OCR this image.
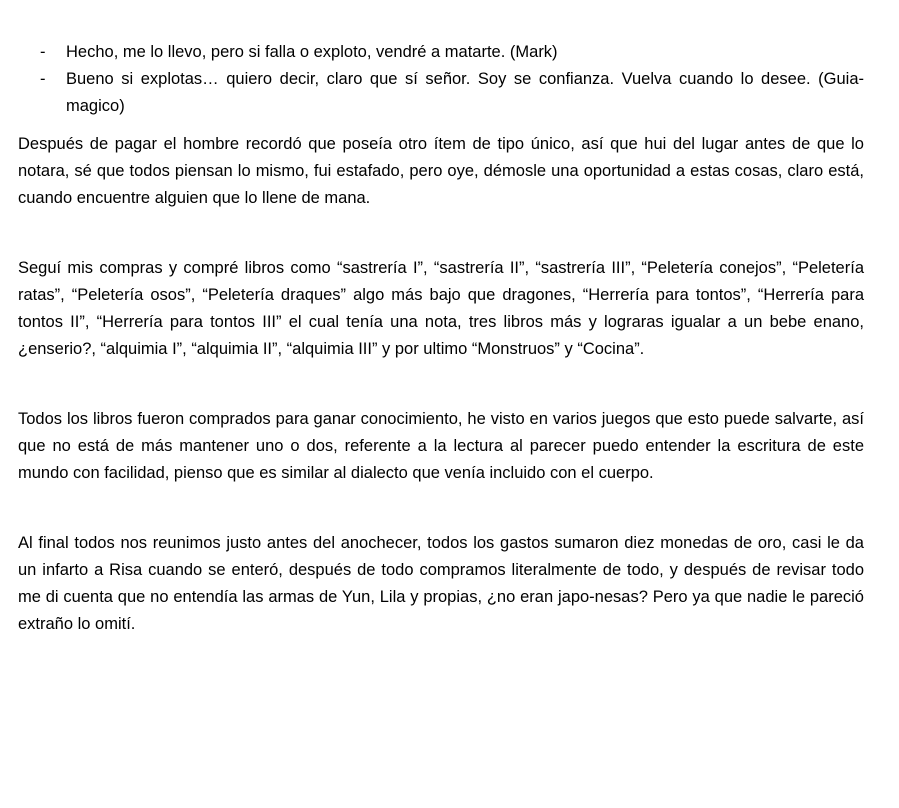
- Hecho, me lo llevo, pero si falla o exploto, vendré a matarte. (Mark)
- Bueno si explotas… quiero decir, claro que sí señor. Soy se confianza. Vuelva cuando lo desee. (Guia-magico)

Después de pagar el hombre recordó que poseía otro ítem de tipo único, así que hui del lugar antes de que lo notara, sé que todos piensan lo mismo, fui estafado, pero oye, démosle una oportunidad a estas cosas, claro está, cuando encuentre alguien que lo llene de mana.

Seguí mis compras y compré libros como “sastrería I”, “sastrería II”, “sastrería III”, “Peletería conejos”, “Peletería ratas”, “Peletería osos”, “Peletería draques” algo más bajo que dragones, “Herrería para tontos”, “Herrería para tontos II”, “Herrería para tontos III” el cual tenía una nota, tres libros más y lograras igualar a un bebe enano, ¿enserio?, “alquimia I”, “alquimia II”, “alquimia III” y por ultimo “Monstruos” y “Cocina”.

Todos los libros fueron comprados para ganar conocimiento, he visto en varios juegos que esto puede salvarte, así que no está de más mantener uno o dos, referente a la lectura al parecer puedo entender la escritura de este mundo con facilidad, pienso que es similar al dialecto que venía incluido con el cuerpo.

Al final todos nos reunimos justo antes del anochecer, todos los gastos sumaron diez monedas de oro, casi le da un infarto a Risa cuando se enteró, después de todo compramos literalmente de todo, y después de revisar todo me di cuenta que no entendía las armas de Yun, Lila y propias, ¿no eran japo-nesas? Pero ya que nadie le pareció extraño lo omití.
